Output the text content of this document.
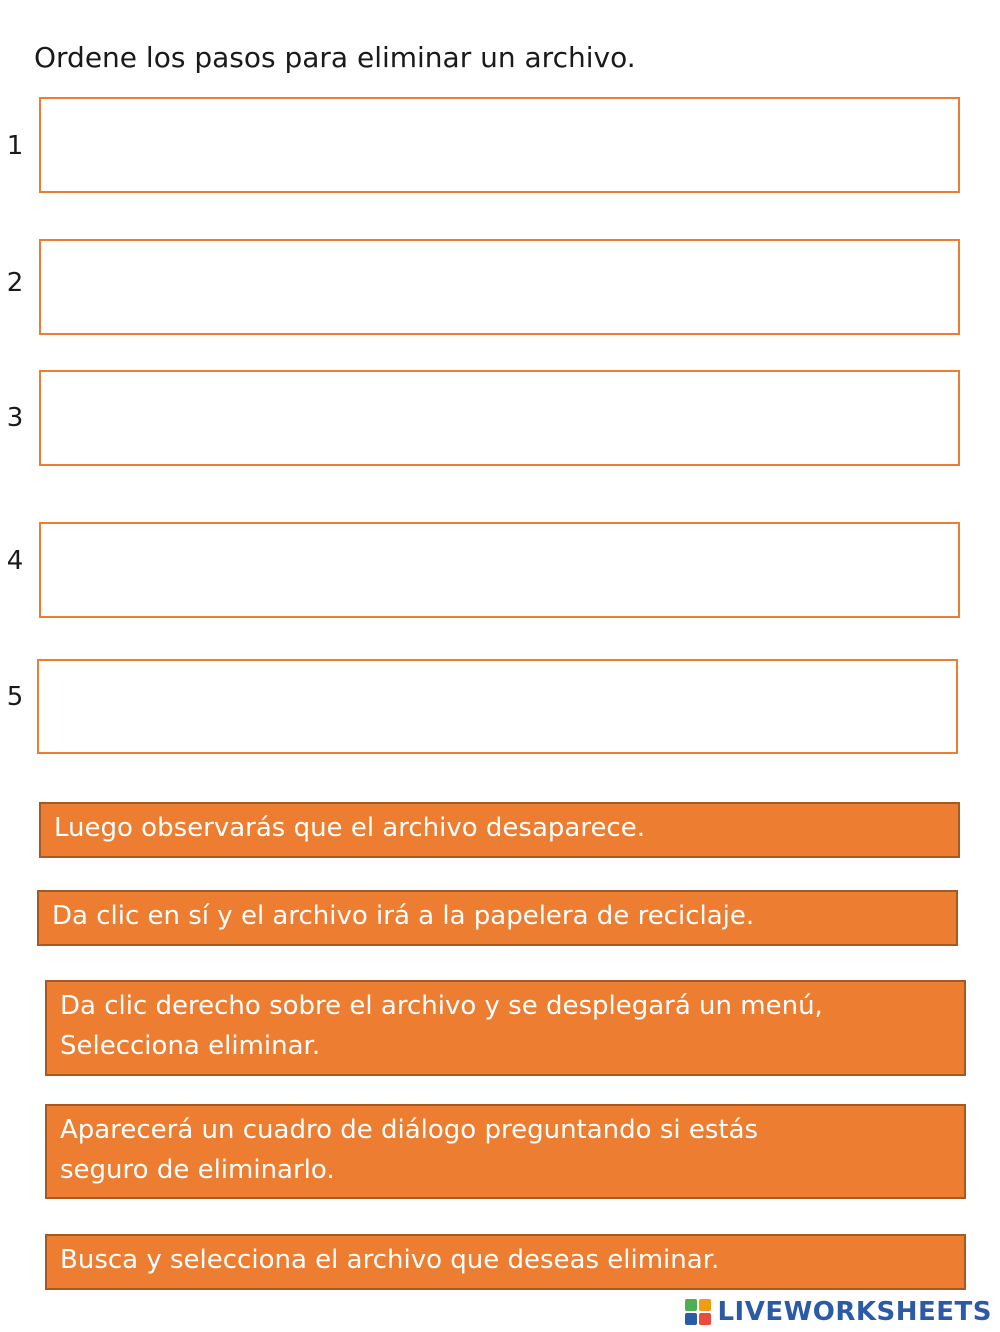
Ordene los pasos para eliminar un archivo.
1
2
3
4
5
Luego observarás que el archivo desaparece.
Da clic en sí y el archivo irá a la papelera de reciclaje.
Da clic derecho sobre el archivo y se desplegará un menú,
Selecciona eliminar.
Aparecerá un cuadro de diálogo preguntando si estás
seguro de eliminarlo.
Busca y selecciona el archivo que deseas eliminar.
LIVEWORKSHEETS
